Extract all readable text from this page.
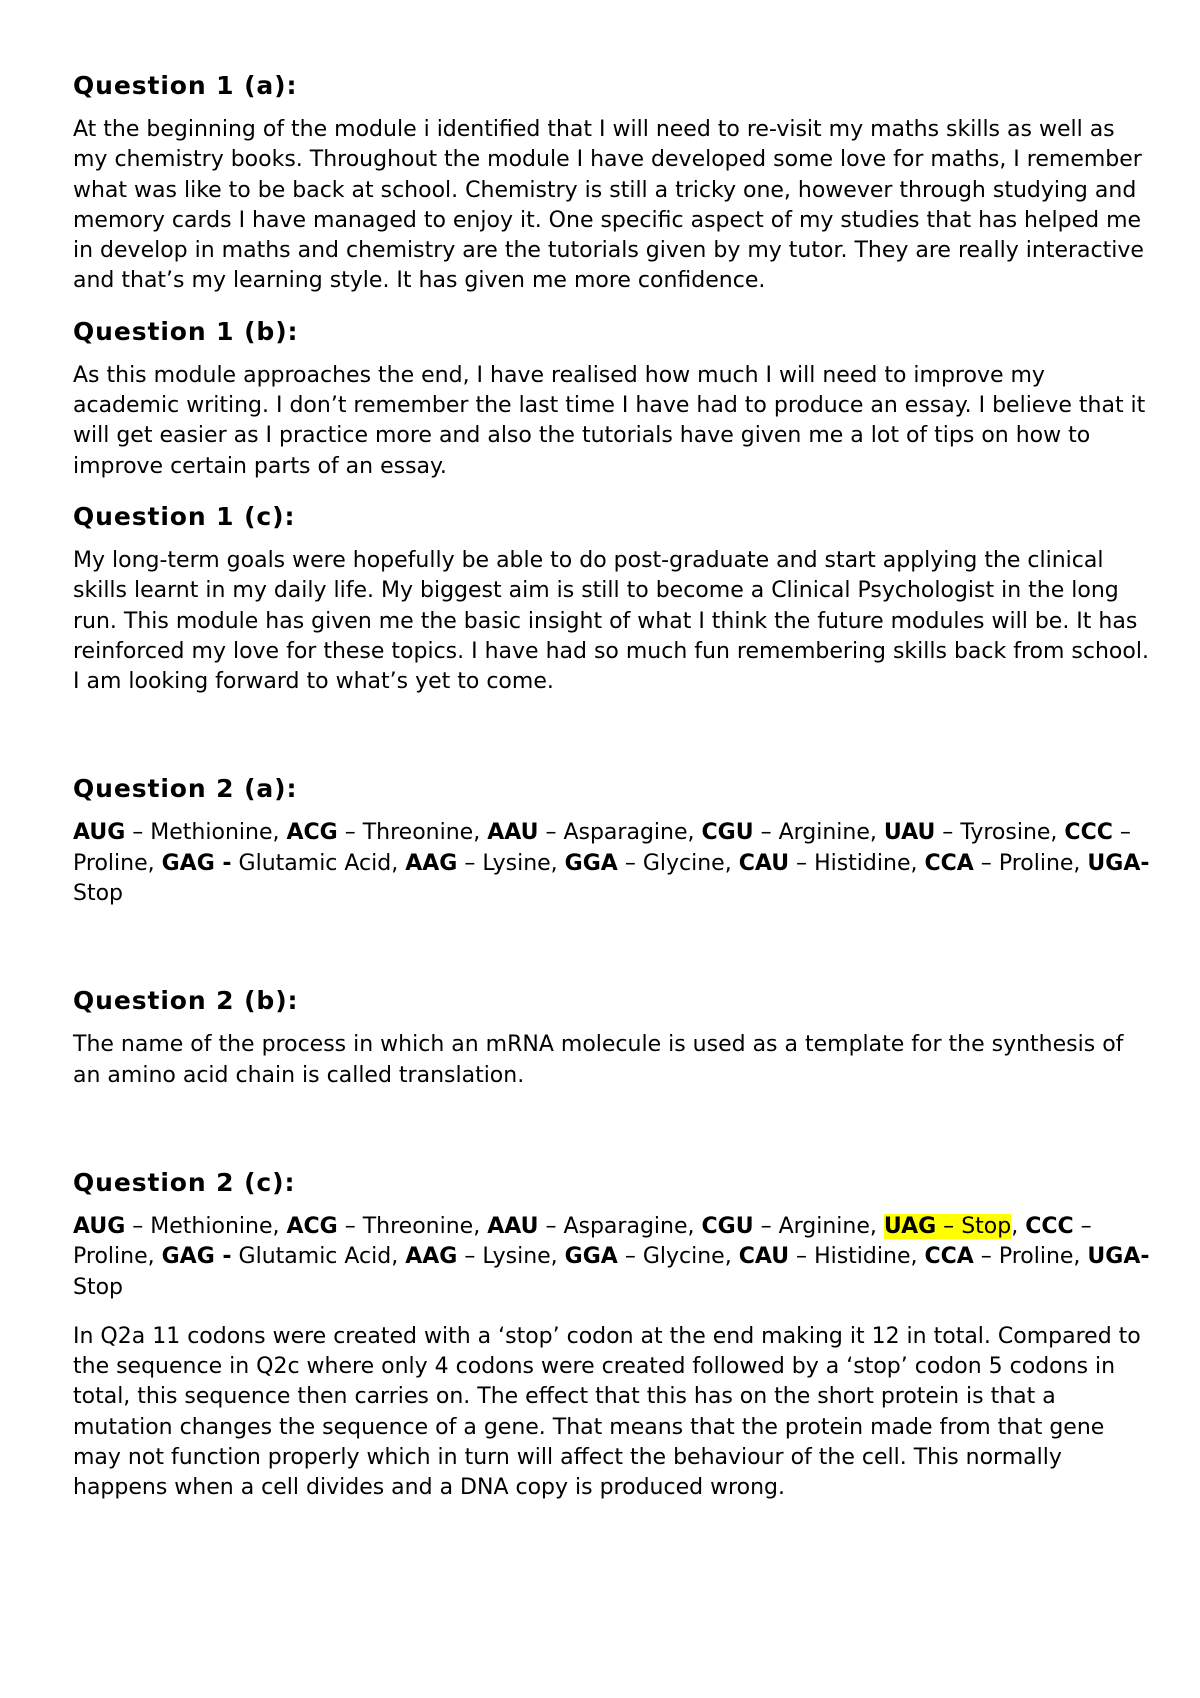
Question 1 (a):

At the beginning of the module i identified that I will need to re-visit my maths skills as well as my chemistry books. Throughout the module I have developed some love for maths, I remember what was like to be back at school. Chemistry is still a tricky one, however through studying and memory cards I have managed to enjoy it. One specific aspect of my studies that has helped me in develop in maths and chemistry are the tutorials given by my tutor. They are really interactive and that’s my learning style. It has given me more confidence.

Question 1 (b):

As this module approaches the end, I have realised how much I will need to improve my academic writing. I don’t remember the last time I have had to produce an essay. I believe that it will get easier as I practice more and also the tutorials have given me a lot of tips on how to improve certain parts of an essay.

Question 1 (c):

My long-term goals were hopefully be able to do post-graduate and start applying the clinical skills learnt in my daily life. My biggest aim is still to become a Clinical Psychologist in the long run. This module has given me the basic insight of what I think the future modules will be. It has reinforced my love for these topics. I have had so much fun remembering skills back from school. I am looking forward to what’s yet to come.

Question 2 (a):

AUG – Methionine, ACG – Threonine, AAU – Asparagine, CGU – Arginine, UAU – Tyrosine, CCC – Proline, GAG - Glutamic Acid, AAG – Lysine, GGA – Glycine, CAU – Histidine, CCA – Proline, UGA- Stop

Question 2 (b):

The name of the process in which an mRNA molecule is used as a template for the synthesis of an amino acid chain is called translation.

Question 2 (c):

AUG – Methionine, ACG – Threonine, AAU – Asparagine, CGU – Arginine, UAG – Stop, CCC – Proline, GAG - Glutamic Acid, AAG – Lysine, GGA – Glycine, CAU – Histidine, CCA – Proline, UGA- Stop

In Q2a 11 codons were created with a ‘stop’ codon at the end making it 12 in total. Compared to the sequence in Q2c where only 4 codons were created followed by a ‘stop’ codon 5 codons in total, this sequence then carries on. The effect that this has on the short protein is that a mutation changes the sequence of a gene. That means that the protein made from that gene may not function properly which in turn will affect the behaviour of the cell. This normally happens when a cell divides and a DNA copy is produced wrong.
